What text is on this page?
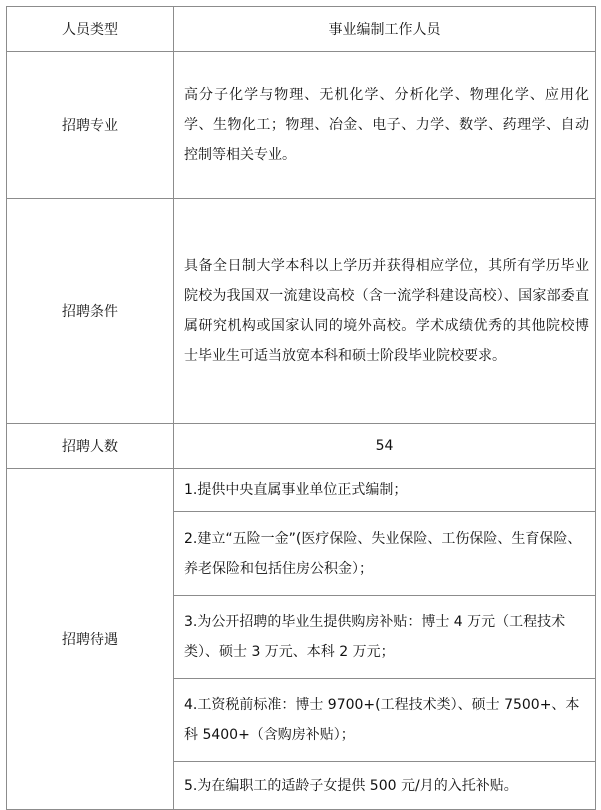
人员类型	事业编制工作人员
招聘专业	高分子化学与物理、无机化学、分析化学、物理化学、应用化学、生物化工；物理、冶金、电子、力学、数学、药理学、自动控制等相关专业。
招聘条件	具备全日制大学本科以上学历并获得相应学位，其所有学历毕业院校为我国双一流建设高校（含一流学科建设高校）、国家部委直属研究机构或国家认同的境外高校。学术成绩优秀的其他院校博士毕业生可适当放宽本科和硕士阶段毕业院校要求。
招聘人数	54
招聘待遇	1.提供中央直属事业单位正式编制；
2.建立“五险一金”(医疗保险、失业保险、工伤保险、生育保险、养老保险和包括住房公积金）；
3.为公开招聘的毕业生提供购房补贴：博士 4 万元（工程技术类）、硕士 3 万元、本科 2 万元；
4.工资税前标准：博士 9700+(工程技术类）、硕士 7500+、本科 5400+（含购房补贴）；
5.为在编职工的适龄子女提供 500 元/月的入托补贴。
